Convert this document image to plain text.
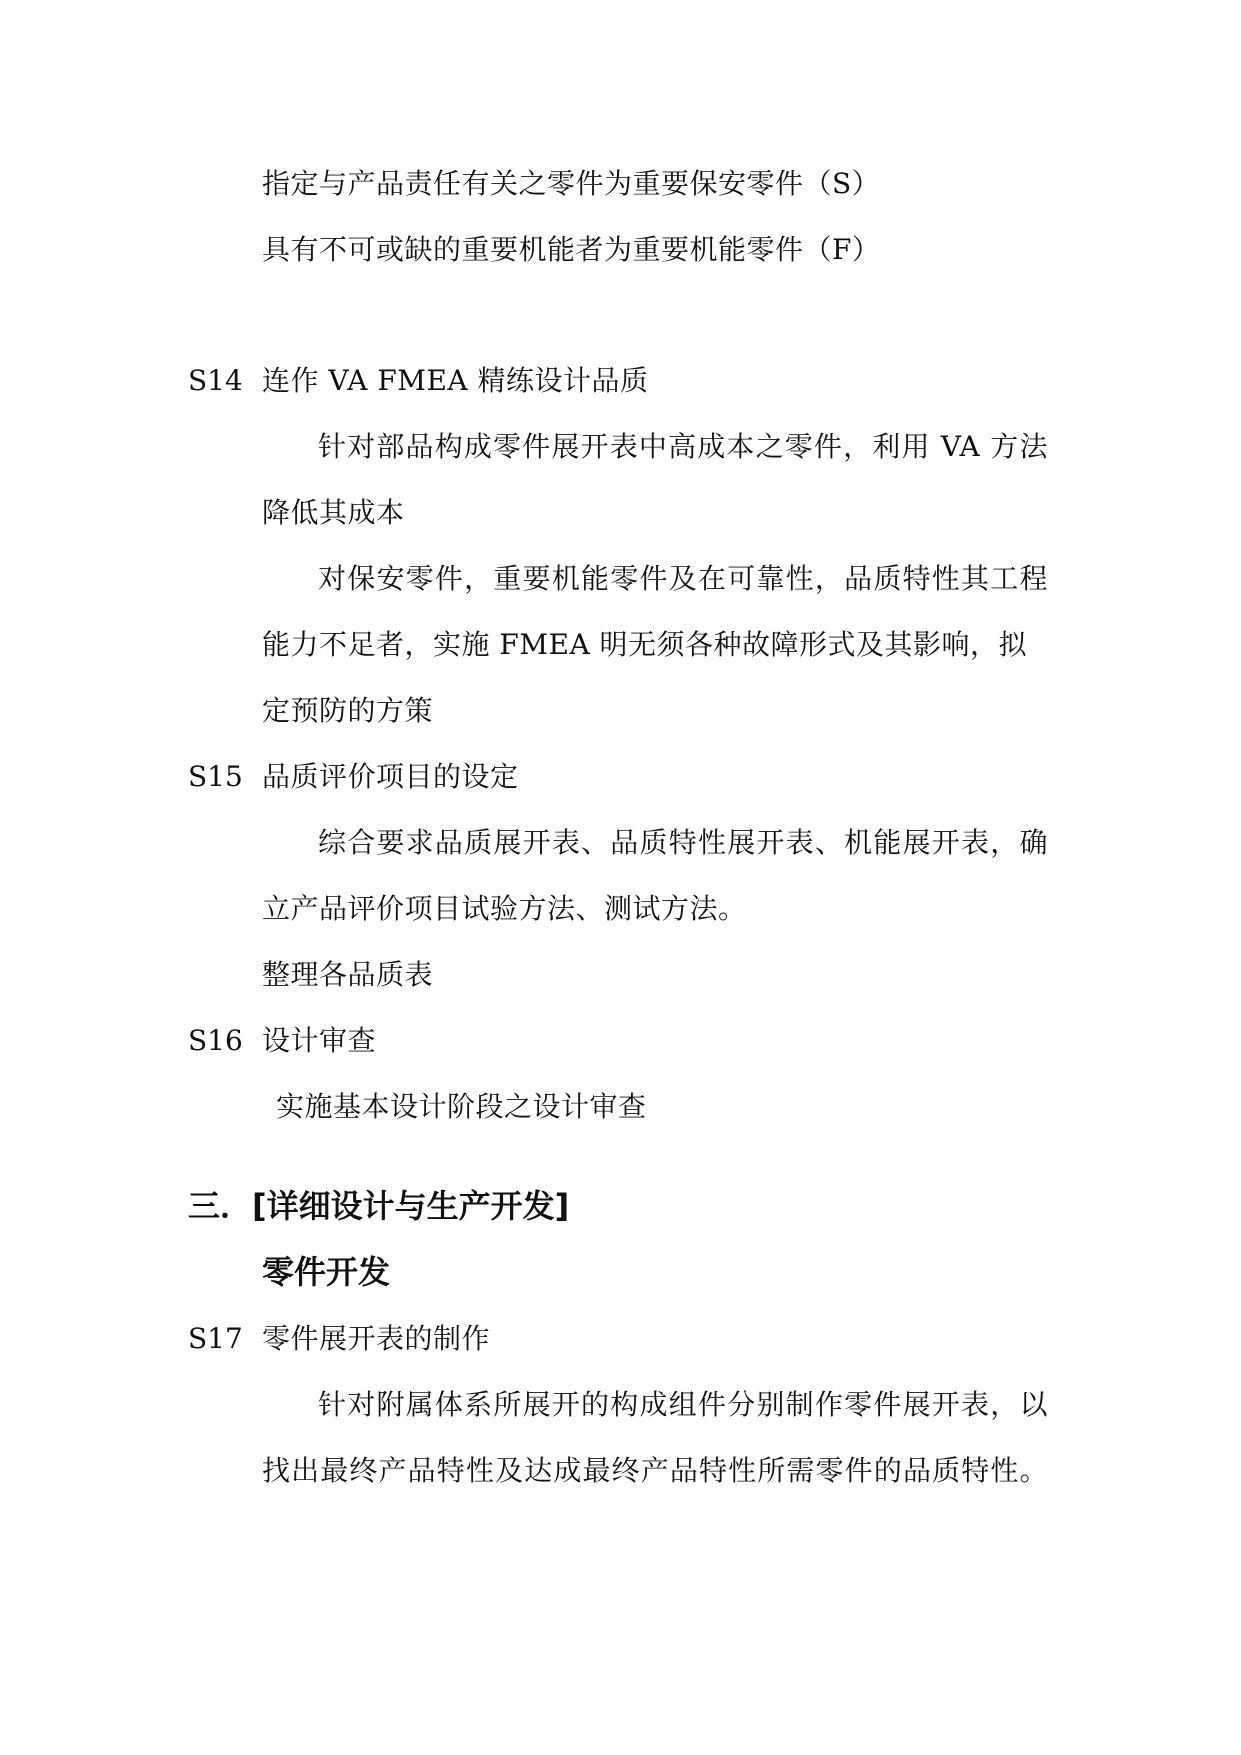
指定与产品责任有关之零件为重要保安零件（S）
具有不可或缺的重要机能者为重要机能零件（F）
S14 连作 VA FMEA 精练设计品质
针对部品构成零件展开表中高成本之零件，利用 VA 方法
降低其成本
对保安零件，重要机能零件及在可靠性，品质特性其工程
能力不足者，实施 FMEA 明无须各种故障形式及其影响，拟
定预防的方策
S15 品质评价项目的设定
综合要求品质展开表、品质特性展开表、机能展开表，确
立产品评价项目试验方法、测试方法。
整理各品质表
S16 设计审查
实施基本设计阶段之设计审查
三．[详细设计与生产开发]
零件开发
S17 零件展开表的制作
针对附属体系所展开的构成组件分别制作零件展开表，以
找出最终产品特性及达成最终产品特性所需零件的品质特性。
